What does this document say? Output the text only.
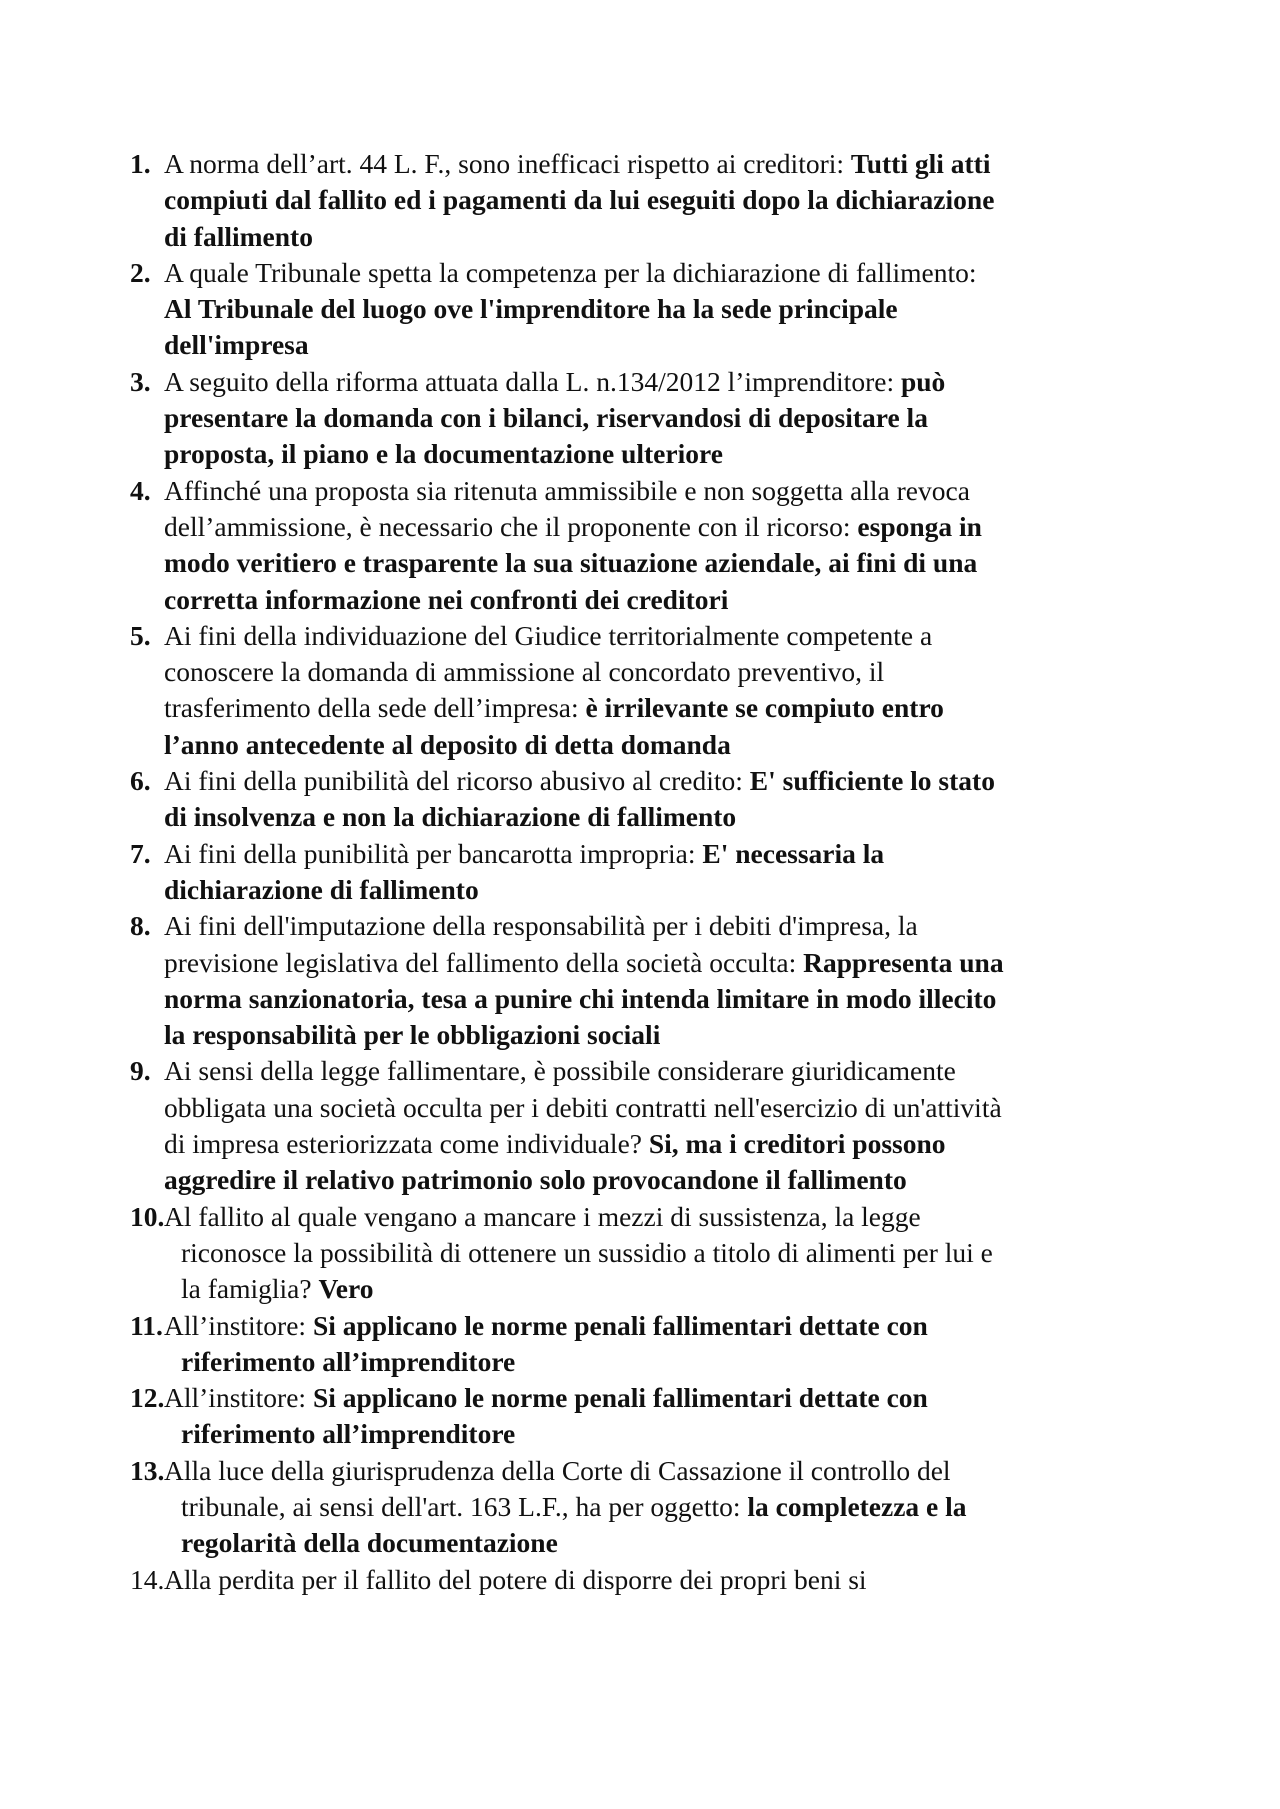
1. A norma dell’art. 44 L. F., sono inefficaci rispetto ai creditori: Tutti gli atti compiuti dal fallito ed i pagamenti da lui eseguiti dopo la dichiarazione di fallimento
2. A quale Tribunale spetta la competenza per la dichiarazione di fallimento: Al Tribunale del luogo ove l'imprenditore ha la sede principale dell'impresa
3. A seguito della riforma attuata dalla L. n.134/2012 l’imprenditore: può presentare la domanda con i bilanci, riservandosi di depositare la proposta, il piano e la documentazione ulteriore
4. Affinché una proposta sia ritenuta ammissibile e non soggetta alla revoca dell’ammissione, è necessario che il proponente con il ricorso: esponga in modo veritiero e trasparente la sua situazione aziendale, ai fini di una corretta informazione nei confronti dei creditori
5. Ai fini della individuazione del Giudice territorialmente competente a conoscere la domanda di ammissione al concordato preventivo, il trasferimento della sede dell’impresa: è irrilevante se compiuto entro l’anno antecedente al deposito di detta domanda
6. Ai fini della punibilità del ricorso abusivo al credito: E' sufficiente lo stato di insolvenza e non la dichiarazione di fallimento
7. Ai fini della punibilità per bancarotta impropria: E' necessaria la dichiarazione di fallimento
8. Ai fini dell'imputazione della responsabilità per i debiti d'impresa, la previsione legislativa del fallimento della società occulta: Rappresenta una norma sanzionatoria, tesa a punire chi intenda limitare in modo illecito la responsabilità per le obbligazioni sociali
9. Ai sensi della legge fallimentare, è possibile considerare giuridicamente obbligata una società occulta per i debiti contratti nell'esercizio di un'attività di impresa esteriorizzata come individuale? Si, ma i creditori possono aggredire il relativo patrimonio solo provocandone il fallimento
10. Al fallito al quale vengano a mancare i mezzi di sussistenza, la legge riconosce la possibilità di ottenere un sussidio a titolo di alimenti per lui e la famiglia? Vero
11. All’institore: Si applicano le norme penali fallimentari dettate con riferimento all’imprenditore
12. All’institore: Si applicano le norme penali fallimentari dettate con riferimento all’imprenditore
13. Alla luce della giurisprudenza della Corte di Cassazione il controllo del tribunale, ai sensi dell'art. 163 L.F., ha per oggetto: la completezza e la regolarità della documentazione
14. Alla perdita per il fallito del potere di disporre dei propri beni si
